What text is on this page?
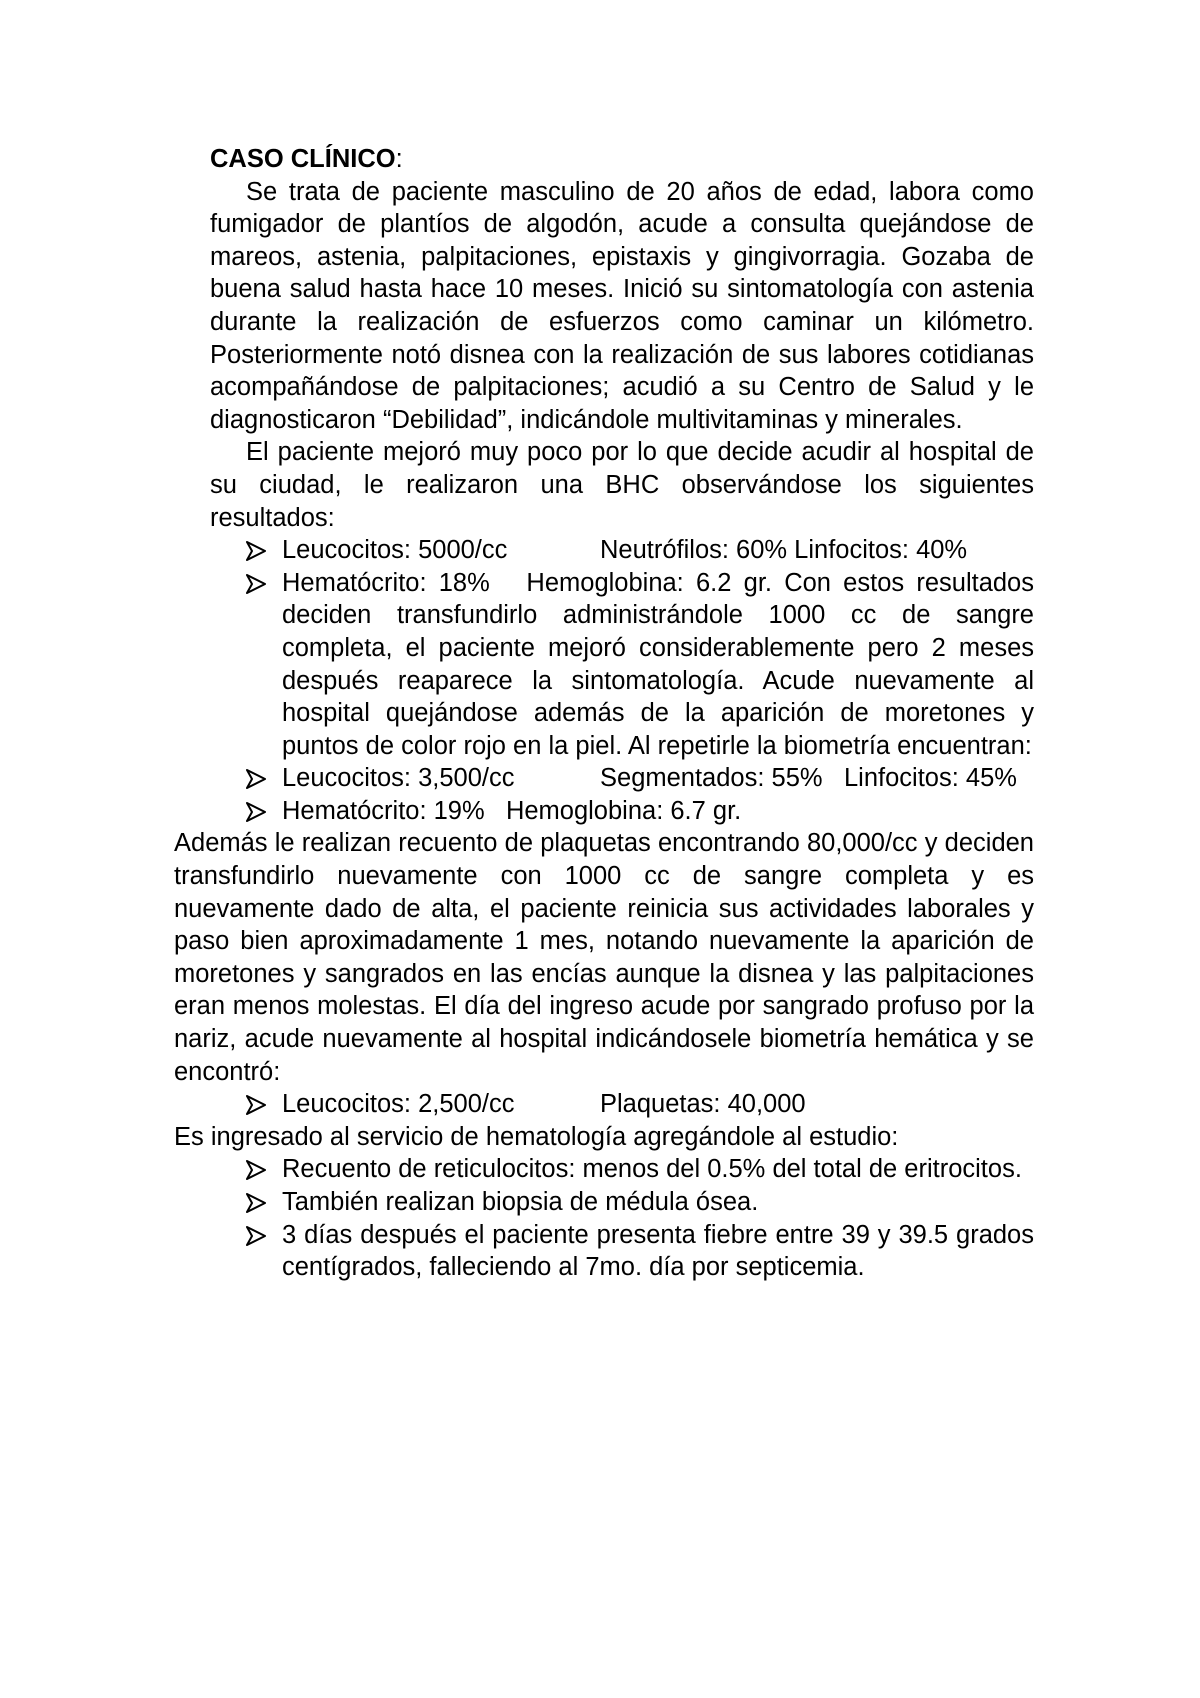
CASO CLÍNICO:

Se trata de paciente masculino de 20 años de edad, labora como fumigador de plantíos de algodón, acude a consulta quejándose de mareos, astenia, palpitaciones, epistaxis y gingivorragia. Gozaba de buena salud hasta hace 10 meses. Inició su sintomatología con astenia durante la realización de esfuerzos como caminar un kilómetro. Posteriormente notó disnea con la realización de sus labores cotidianas acompañándose de palpitaciones; acudió a su Centro de Salud y le diagnosticaron “Debilidad”, indicándole multivitaminas y minerales.

El paciente mejoró muy poco por lo que decide acudir al hospital de su ciudad, le realizaron una BHC observándose los siguientes resultados:

Leucocitos: 5000/cc	Neutrófilos: 60% Linfocitos: 40%
Hematócrito: 18% Hemoglobina: 6.2 gr. Con estos resultados deciden transfundirlo administrándole 1000 cc de sangre completa, el paciente mejoró considerablemente pero 2 meses después reaparece la sintomatología. Acude nuevamente al hospital quejándose además de la aparición de moretones y puntos de color rojo en la piel. Al repetirle la biometría encuentran:
Leucocitos: 3,500/cc	Segmentados: 55% Linfocitos: 45%
Hematócrito: 19% Hemoglobina: 6.7 gr.

Además le realizan recuento de plaquetas encontrando 80,000/cc y deciden transfundirlo nuevamente con 1000 cc de sangre completa y es nuevamente dado de alta, el paciente reinicia sus actividades laborales y paso bien aproximadamente 1 mes, notando nuevamente la aparición de moretones y sangrados en las encías aunque la disnea y las palpitaciones eran menos molestas. El día del ingreso acude por sangrado profuso por la nariz, acude nuevamente al hospital indicándosele biometría hemática y se encontró:

Leucocitos: 2,500/cc	Plaquetas: 40,000

Es ingresado al servicio de hematología agregándole al estudio:

Recuento de reticulocitos: menos del 0.5% del total de eritrocitos.
También realizan biopsia de médula ósea.
3 días después el paciente presenta fiebre entre 39 y 39.5 grados centígrados, falleciendo al 7mo. día por septicemia.
